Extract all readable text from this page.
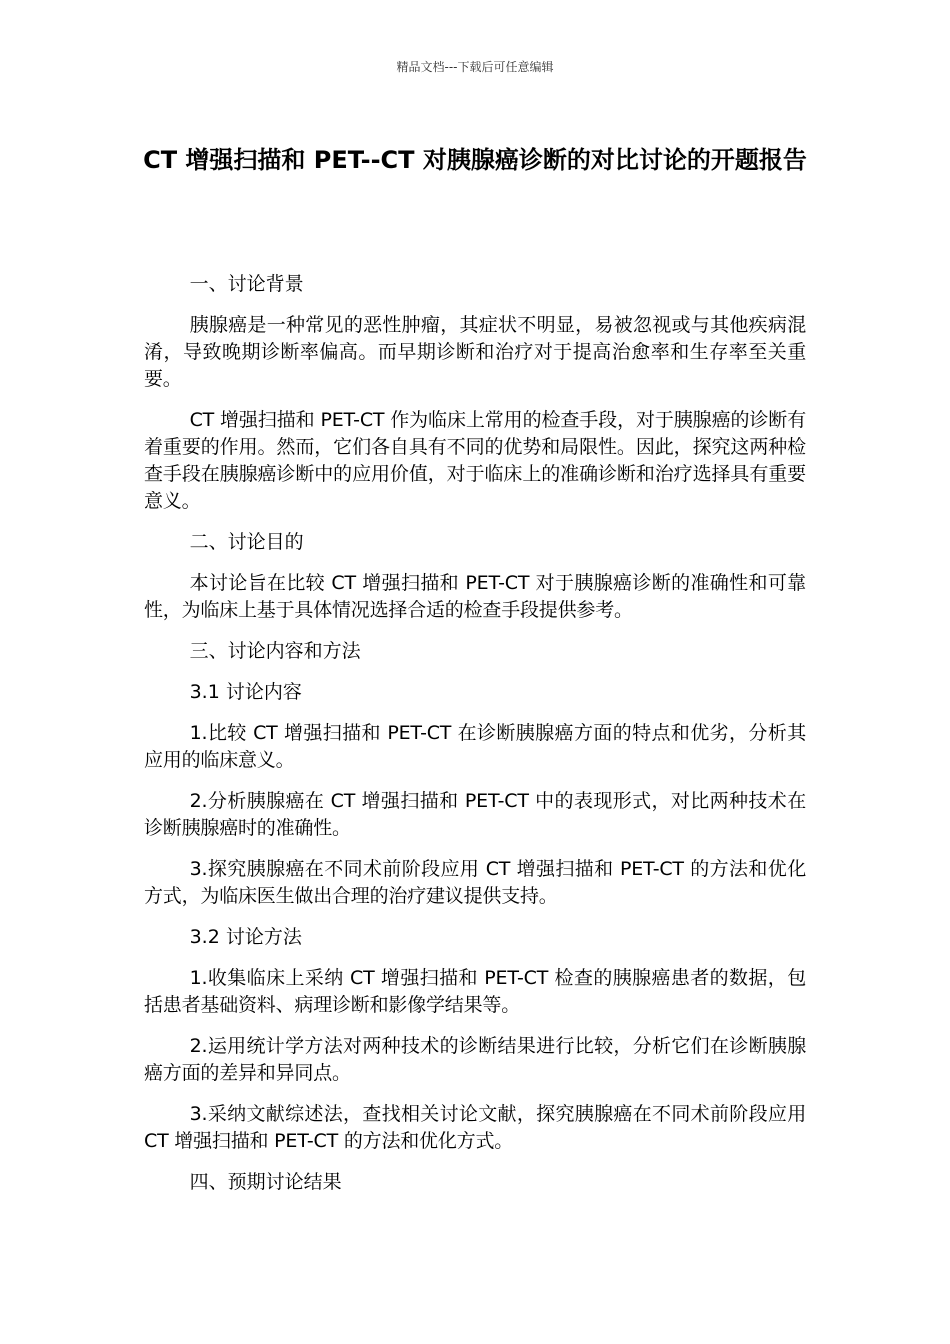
精品文档---下载后可任意编辑
CT 增强扫描和 PET--CT 对胰腺癌诊断的对比讨论的开题报告

一、讨论背景

胰腺癌是一种常见的恶性肿瘤，其症状不明显，易被忽视或与其他疾病混淆，导致晚期诊断率偏高。而早期诊断和治疗对于提高治愈率和生存率至关重要。

CT 增强扫描和 PET-CT 作为临床上常用的检查手段，对于胰腺癌的诊断有着重要的作用。然而，它们各自具有不同的优势和局限性。因此，探究这两种检查手段在胰腺癌诊断中的应用价值，对于临床上的准确诊断和治疗选择具有重要意义。

二、讨论目的

本讨论旨在比较 CT 增强扫描和 PET-CT 对于胰腺癌诊断的准确性和可靠性，为临床上基于具体情况选择合适的检查手段提供参考。

三、讨论内容和方法

3.1 讨论内容

1.比较 CT 增强扫描和 PET-CT 在诊断胰腺癌方面的特点和优劣，分析其应用的临床意义。

2.分析胰腺癌在 CT 增强扫描和 PET-CT 中的表现形式，对比两种技术在诊断胰腺癌时的准确性。

3.探究胰腺癌在不同术前阶段应用 CT 增强扫描和 PET-CT 的方法和优化方式，为临床医生做出合理的治疗建议提供支持。

3.2 讨论方法

1.收集临床上采纳 CT 增强扫描和 PET-CT 检查的胰腺癌患者的数据，包括患者基础资料、病理诊断和影像学结果等。

2.运用统计学方法对两种技术的诊断结果进行比较，分析它们在诊断胰腺癌方面的差异和异同点。

3.采纳文献综述法，查找相关讨论文献，探究胰腺癌在不同术前阶段应用 CT 增强扫描和 PET-CT 的方法和优化方式。

四、预期讨论结果
